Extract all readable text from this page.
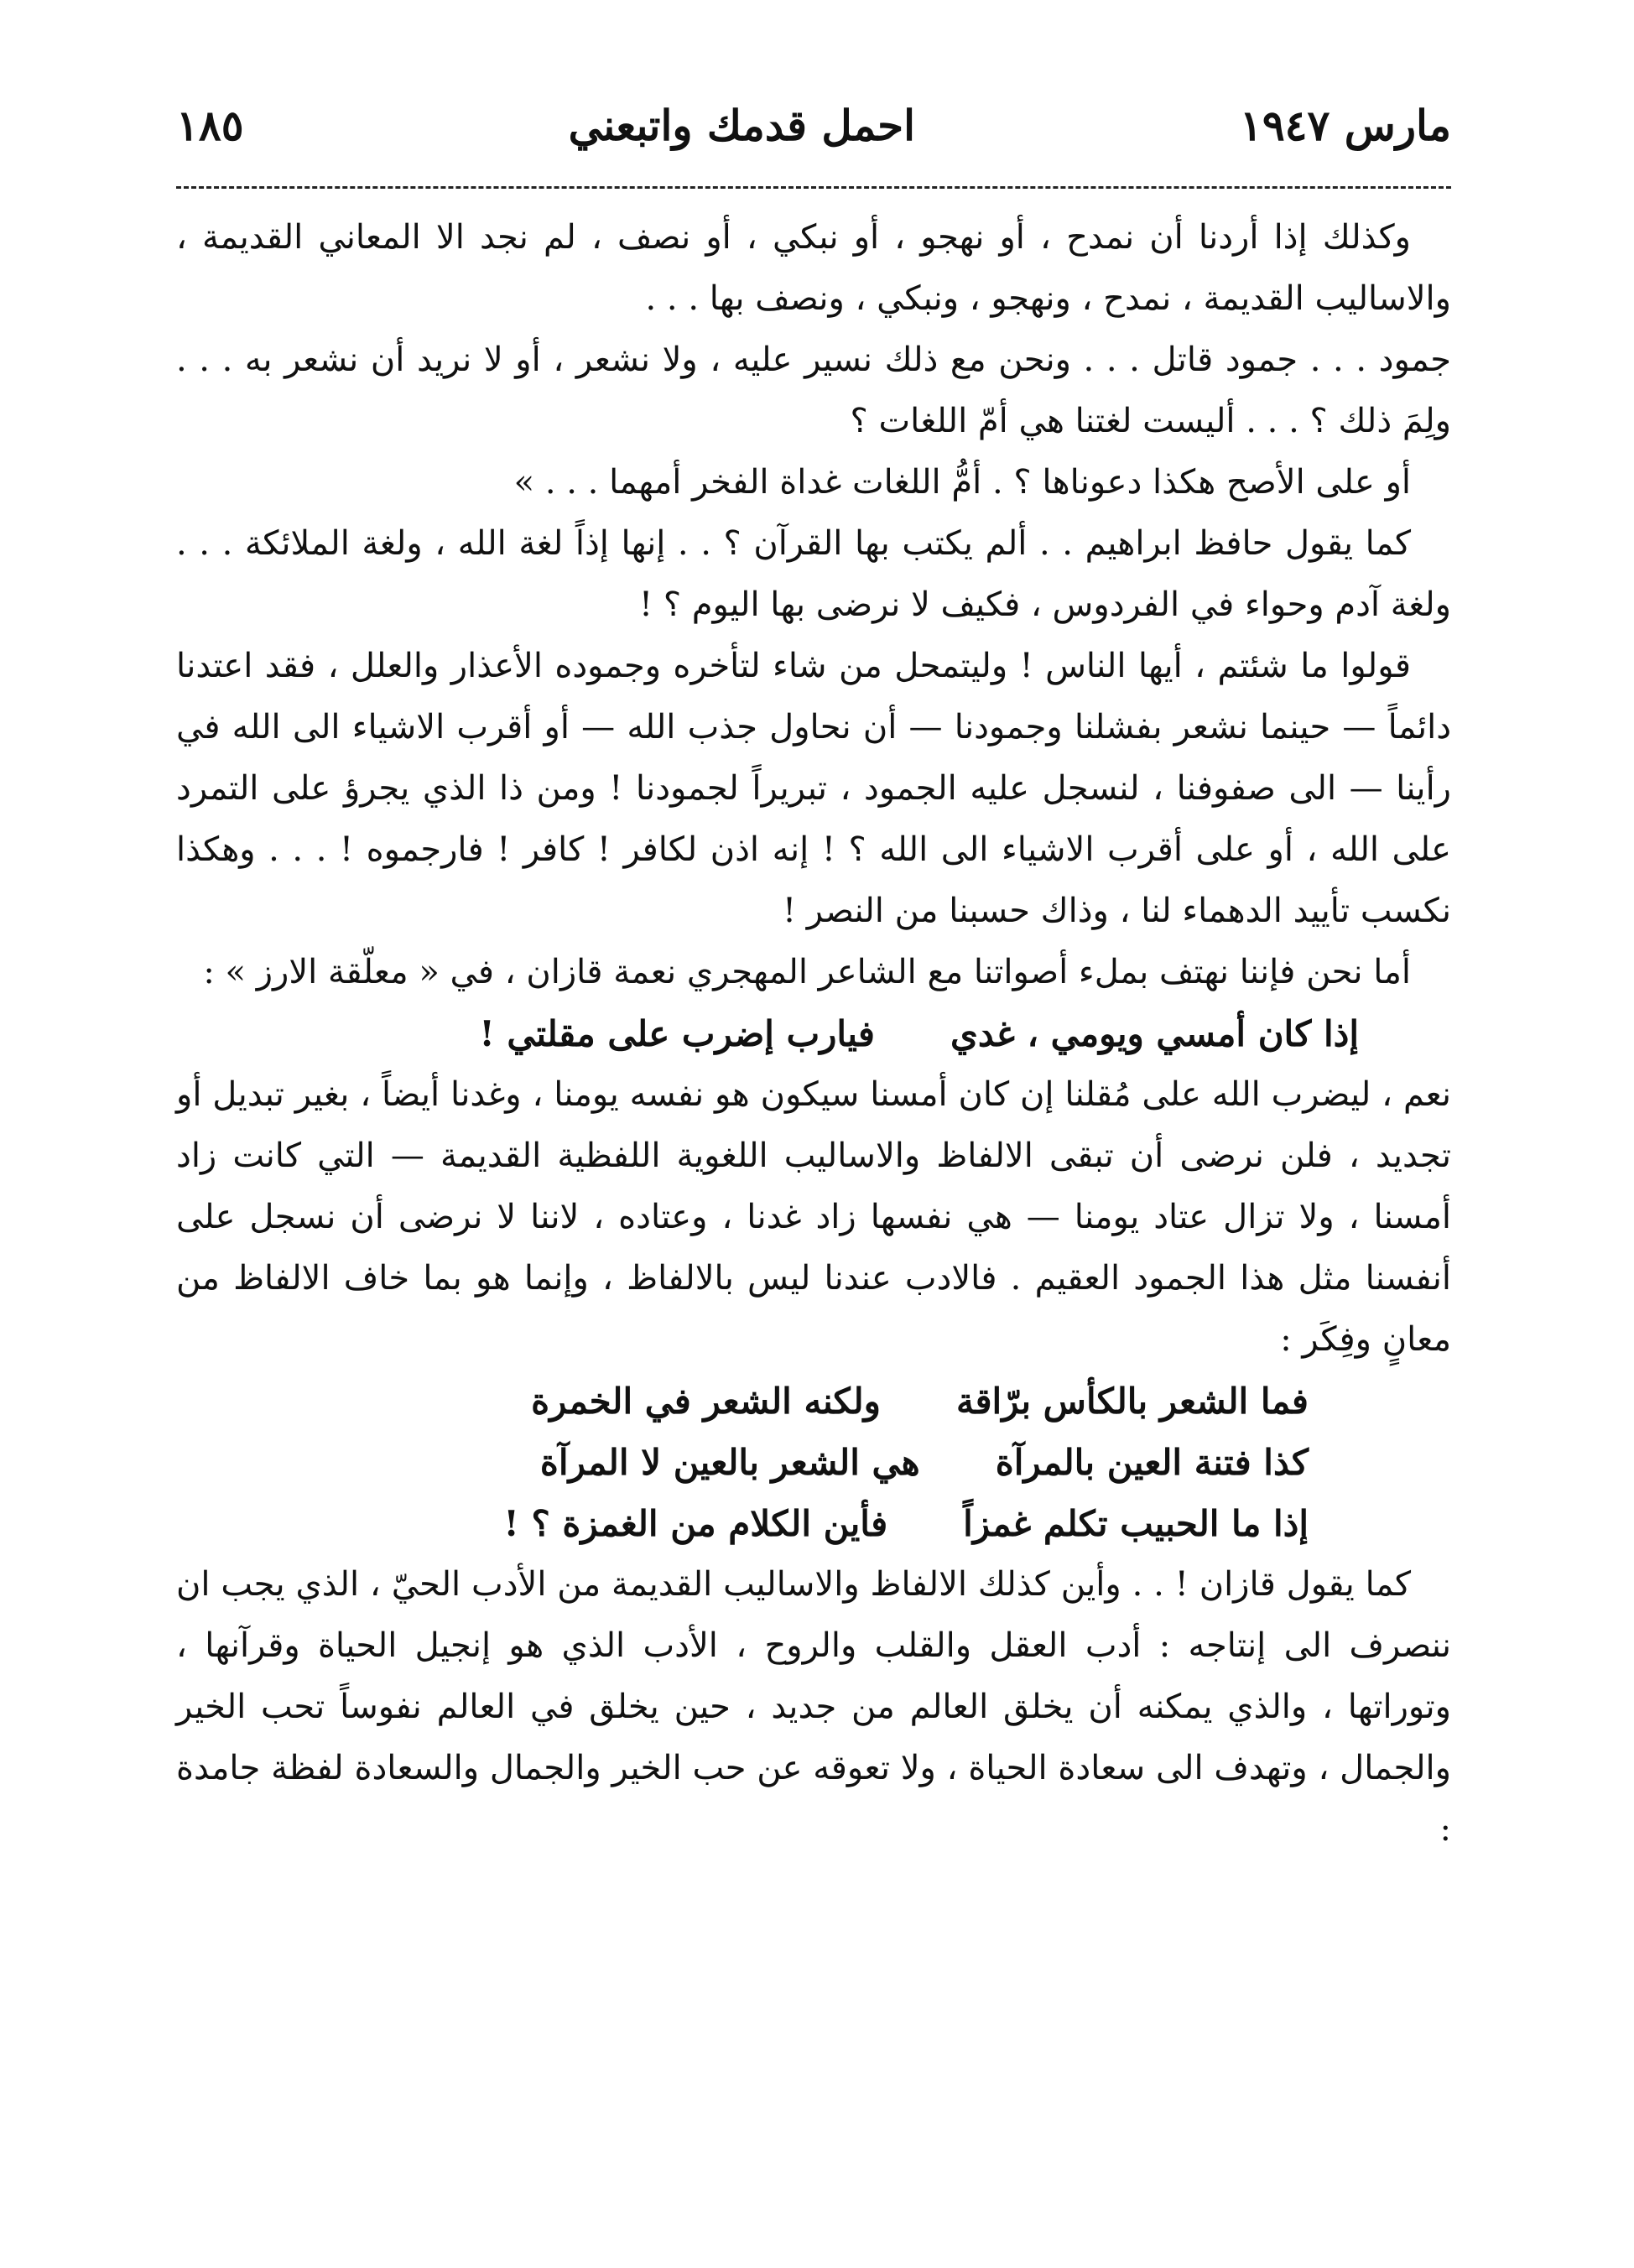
مارس ١٩٤٧
احمل قدمك واتبعني
١٨٥

وكذلك إذا أردنا أن نمدح ، أو نهجو ، أو نبكي ، أو نصف ، لم نجد الا المعاني القديمة ، والاساليب القديمة ، نمدح ، ونهجو ، ونبكي ، ونصف بها . . .

جمود . . . جمود قاتل . . . ونحن مع ذلك نسير عليه ، ولا نشعر ، أو لا نريد أن نشعر به . . . ولِمَ ذلك ؟ . . . أليست لغتنا هي أمّ اللغات ؟

أو على الأصح هكذا دعوناها ؟ . أمُّ اللغات غداة الفخر أمهما . . . »

كما يقول حافظ ابراهيم . . ألم يكتب بها القرآن ؟ . . إنها إذاً لغة الله ، ولغة الملائكة . . . ولغة آدم وحواء في الفردوس ، فكيف لا نرضى بها اليوم ؟ !

قولوا ما شئتم ، أيها الناس ! وليتمحل من شاء لتأخره وجموده الأعذار والعلل ، فقد اعتدنا دائماً — حينما نشعر بفشلنا وجمودنا — أن نحاول جذب الله — أو أقرب الاشياء الى الله في رأينا — الى صفوفنا ، لنسجل عليه الجمود ، تبريراً لجمودنا ! ومن ذا الذي يجرؤ على التمرد على الله ، أو على أقرب الاشياء الى الله ؟ ! إنه اذن لكافر ! كافر ! فارجموه ! . . . وهكذا نكسب تأييد الدهماء لنا ، وذاك حسبنا من النصر !

أما نحن فإننا نهتف بملء أصواتنا مع الشاعر المهجري نعمة قازان ، في « معلّقة الارز » :

إذا كان أمسي ويومي ، غدي
فيارب إضرب على مقلتي !

نعم ، ليضرب الله على مُقلنا إن كان أمسنا سيكون هو نفسه يومنا ، وغدنا أيضاً ، بغير تبديل أو تجديد ، فلن نرضى أن تبقى الالفاظ والاساليب اللغوية اللفظية القديمة — التي كانت زاد أمسنا ، ولا تزال عتاد يومنا — هي نفسها زاد غدنا ، وعتاده ، لاننا لا نرضى أن نسجل على أنفسنا مثل هذا الجمود العقيم . فالادب عندنا ليس بالالفاظ ، وإنما هو بما خاف الالفاظ من معانٍ وفِكَر :

فما الشعر بالكأس برّاقة
ولكنه الشعر في الخمرة
كذا فتنة العين بالمرآة
هي الشعر بالعين لا المرآة
إذا ما الحبيب تكلم غمزاً
فأين الكلام من الغمزة ؟ !

كما يقول قازان ! . . وأين كذلك الالفاظ والاساليب القديمة من الأدب الحيّ ، الذي يجب ان ننصرف الى إنتاجه : أدب العقل والقلب والروح ، الأدب الذي هو إنجيل الحياة وقرآنها ، وتوراتها ، والذي يمكنه أن يخلق العالم من جديد ، حين يخلق في العالم نفوساً تحب الخير والجمال ، وتهدف الى سعادة الحياة ، ولا تعوقه عن حب الخير والجمال والسعادة لفظة جامدة :
